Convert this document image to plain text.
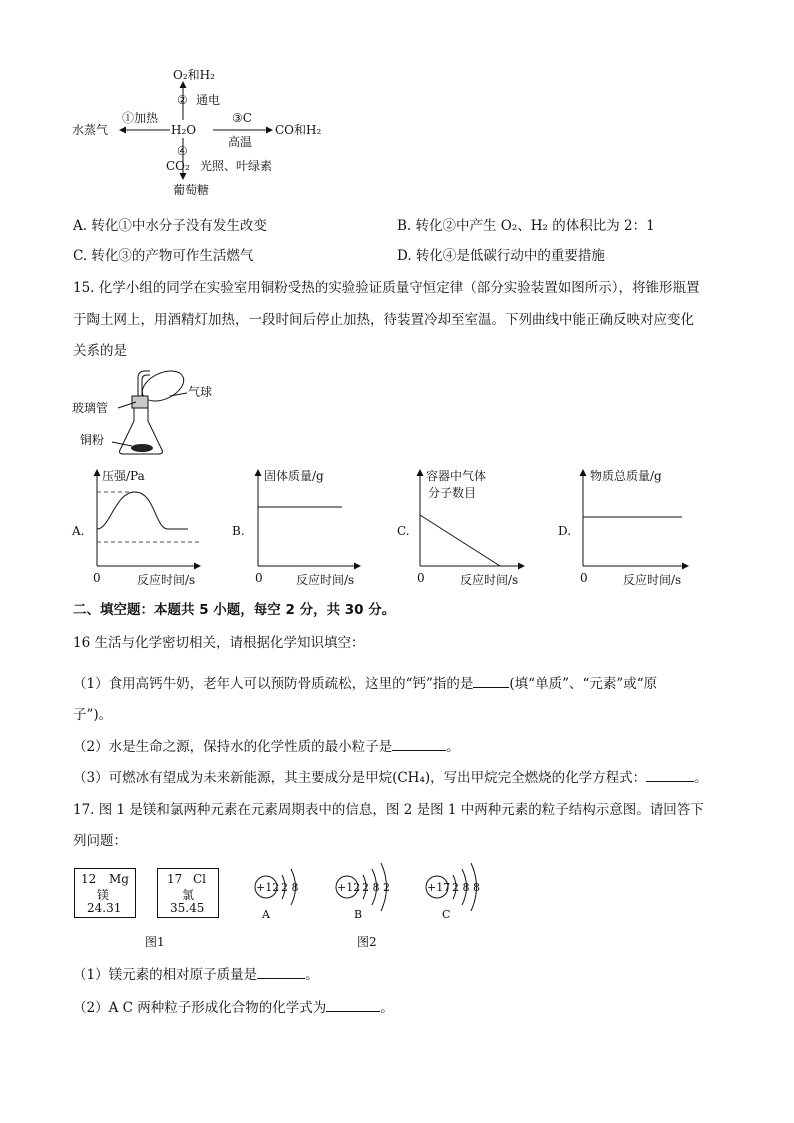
O₂和H₂
H₂O
水蒸气	CO和H₂
葡萄糖
①加热
② 通电
③C
高温
④
CO₂ 光照、叶绿素
A. 转化①中水分子没有发生改变	B. 转化②中产生 O₂、H₂ 的体积比为 2：1
C. 转化③的产物可作生活燃气	D. 转化④是低碳行动中的重要措施
15. 化学小组的同学在实验室用铜粉受热的实验验证质量守恒定律（部分实验装置如图所示），将锥形瓶置
于陶土网上，用酒精灯加热，一段时间后停止加热，待装置冷却至室温。下列曲线中能正确反映对应变化
关系的是
气球
玻璃管
铜粉
A.
压强/Pa
0	反应时间/s
B.
固体质量/g
0	反应时间/s
C.
容器中气体
分子数目
0	反应时间/s
D.
物质总质量/g
0	反应时间/s
二、填空题：本题共 5 小题，每空 2 分，共 30 分。
16 生活与化学密切相关，请根据化学知识填空：
（1）食用高钙牛奶，老年人可以预防骨质疏松，这里的“钙”指的是	(填“单质”、“元素”或“原
子”)。
（2）水是生命之源，保持水的化学性质的最小粒子是	。
（3）可燃冰有望成为未来新能源，其主要成分是甲烷(CH₄)，写出甲烷完全燃烧的化学方程式：	。
17. 图 1 是镁和氯两种元素在元素周期表中的信息，图 2 是图 1 中两种元素的粒子结构示意图。请回答下
列问题：
12 Mg
镁
24.31
17 Cl
氯
35.45
图1
+12 2 8
A
+12 2 8 2
B
+17 2 8 8
C
图2
（1）镁元素的相对原子质量是	。
（2）A C 两种粒子形成化合物的化学式为	。
